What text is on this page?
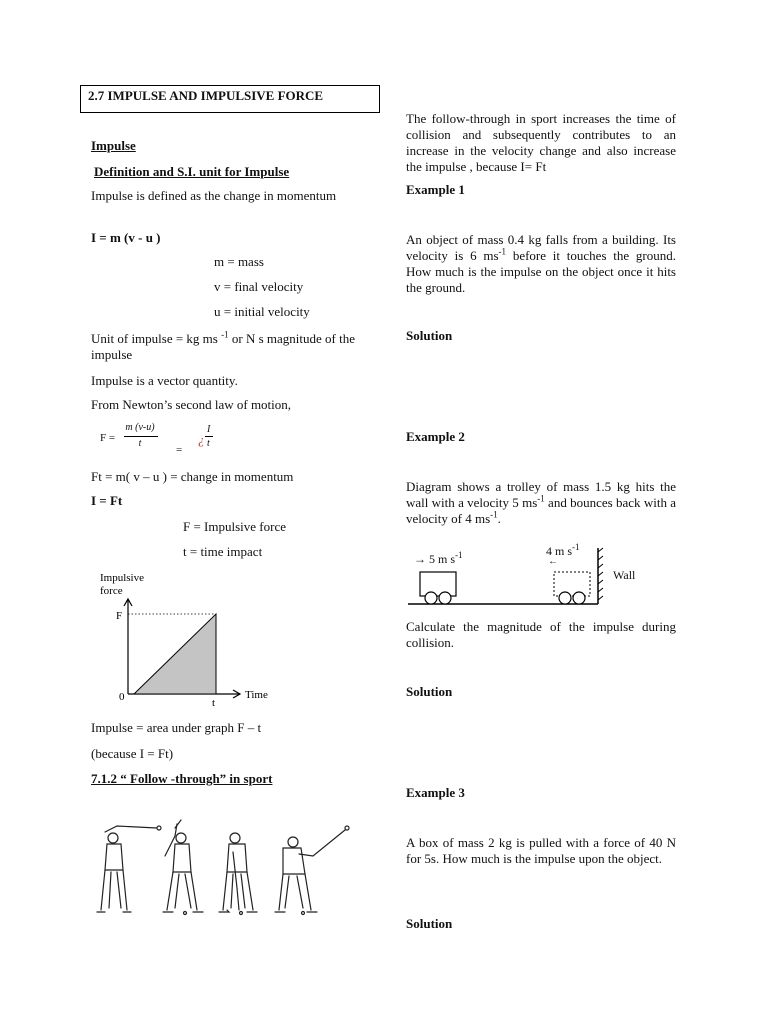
2.7 IMPULSE AND IMPULSIVE FORCE
Impulse
Definition and S.I. unit for Impulse
Impulse is defined as the change in momentum
I = m (v - u )
m = mass
v = final velocity
u = initial velocity
Unit of impulse = kg ms $^{-1}$ or N s magnitude of the impulse
Impulse is a vector quantity.
From Newton’s second law of motion,
F =
m (v-u)
t
=
¿
I
t
Ft = m( v – u ) = change in momentum
I = Ft
F = Impulsive force
t = time impact
Impulsive
force
F
0	t
Time
Impulse = area under graph F – t
(because I = Ft)
7.1.2 “ Follow -through” in sport
The follow-through in sport increases the time of collision and subsequently contributes to an increase in the velocity change and also increase the impulse , because I= Ft
Example 1
An object of mass 0.4 kg falls from a building. Its velocity is 6 $ms^{-1}$ before it touches the ground. How much is the impulse on the object once it hits the ground.
Solution
Example 2
Diagram shows a trolley of mass 1.5 kg hits the wall with a velocity 5 $ms^{-1}$ and bounces back with a velocity of 4 $ms^{-1}$.
→ 5 m $s^{-1}$	4 m $s^{-1}$
←
Wall
Calculate the magnitude of the impulse during collision.
Solution
Example 3
A box of mass 2 kg is pulled with a force of 40 N for 5s. How much is the impulse upon the object.
Solution
